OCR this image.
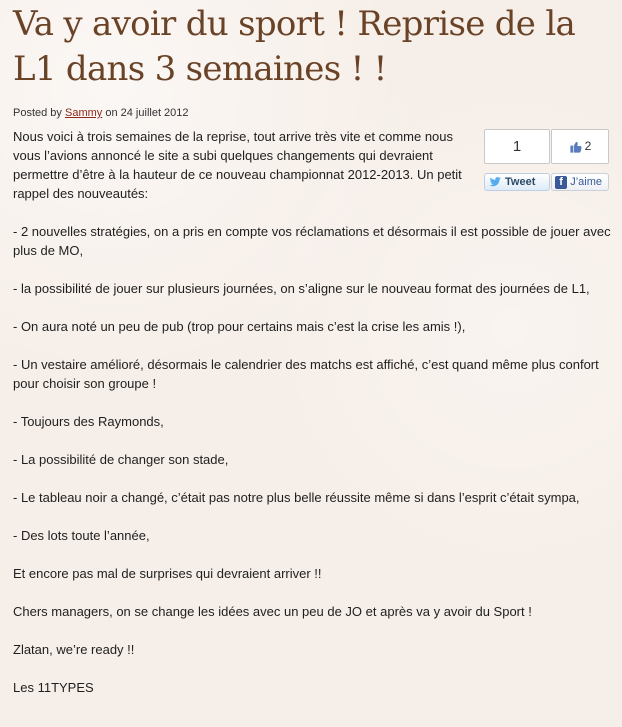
Va y avoir du sport ! Reprise de la L1 dans 3 semaines ! !
Posted by Sammy on 24 juillet 2012
1
Tweet
2
f J’aime

Nous voici à trois semaines de la reprise, tout arrive très vite et comme nous vous l’avions annoncé le site a subi quelques changements qui devraient permettre d’être à la hauteur de ce nouveau championnat 2012-2013. Un petit rappel des nouveautés:

- 2 nouvelles stratégies, on a pris en compte vos réclamations et désormais il est possible de jouer avec plus de MO,

- la possibilité de jouer sur plusieurs journées, on s’aligne sur le nouveau format des journées de L1,

- On aura noté un peu de pub (trop pour certains mais c’est la crise les amis !),

- Un vestaire amélioré, désormais le calendrier des matchs est affiché, c’est quand même plus confort pour choisir son groupe !

- Toujours des Raymonds,

- La possibilité de changer son stade,

- Le tableau noir a changé, c’était pas notre plus belle réussite même si dans l’esprit c’était sympa,

- Des lots toute l’année,

Et encore pas mal de surprises qui devraient arriver !!

Chers managers, on se change les idées avec un peu de JO et après va y avoir du Sport !

Zlatan, we’re ready !!

Les 11TYPES
